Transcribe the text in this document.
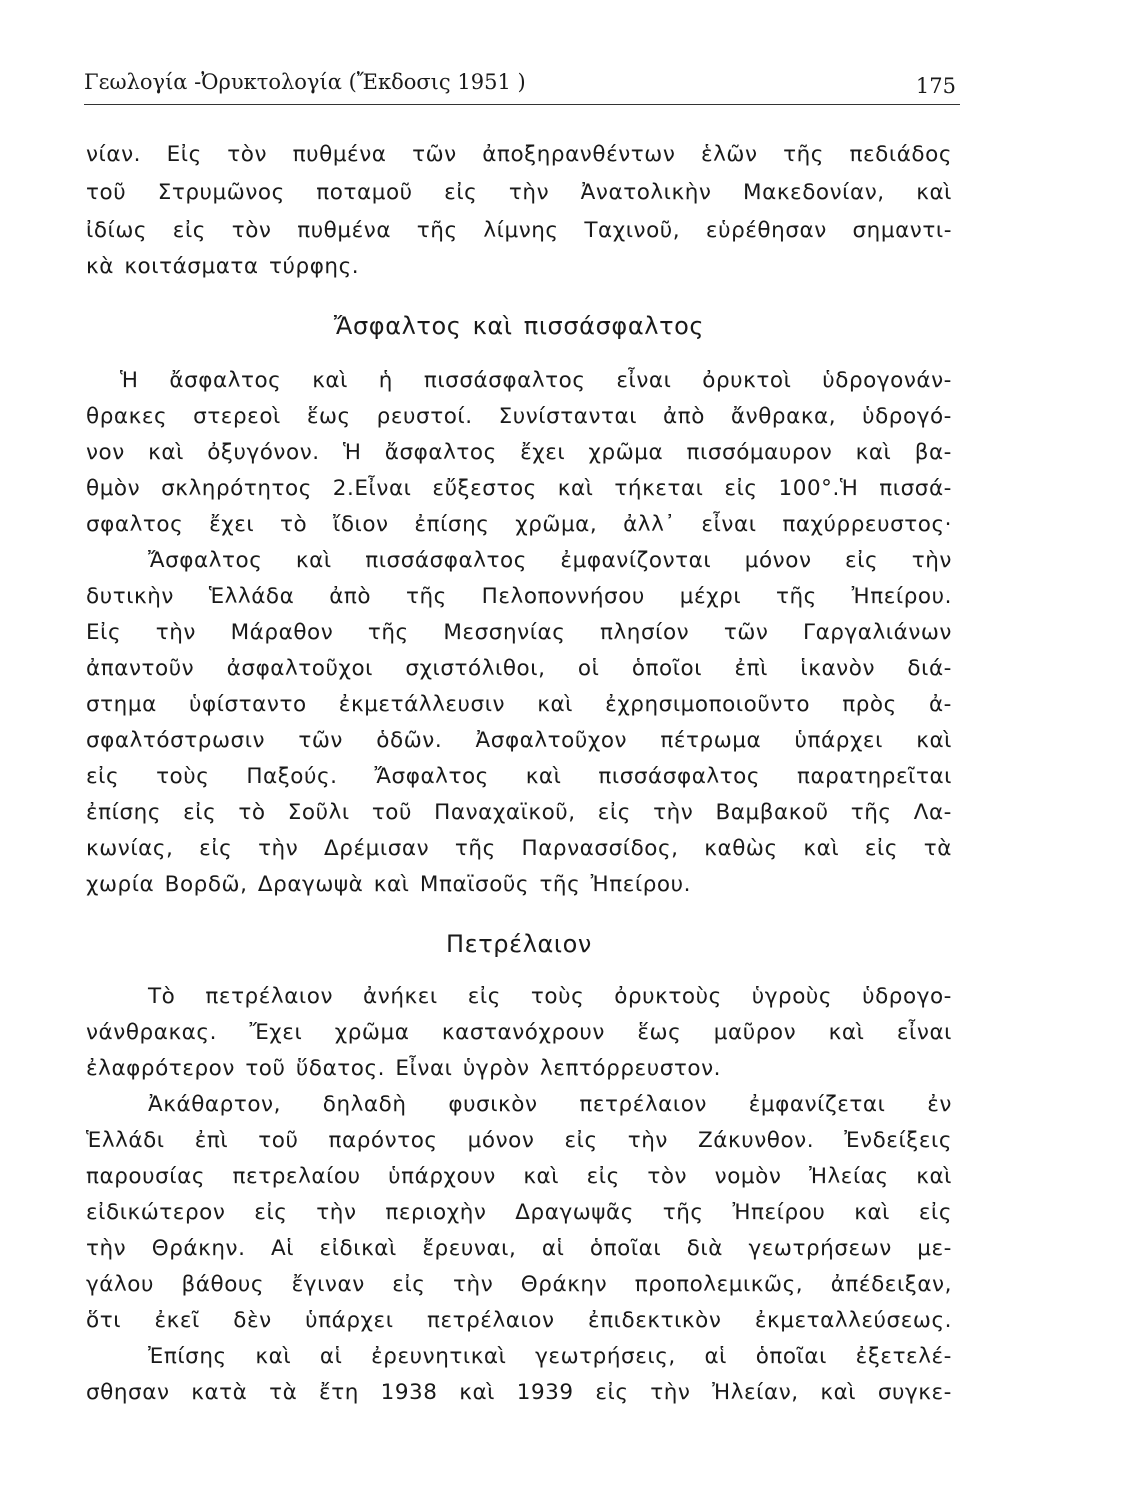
Γεωλογία -Ὀρυκτολογία (Ἔκδοσις 1951 )	175
νίαν. Εἰς τὸν πυθμένα τῶν ἀποξηρανθέντων ἑλῶν τῆς πεδιάδος
τοῦ Στρυμῶνος ποταμοῦ εἰς τὴν Ἀνατολικὴν Μακεδονίαν, καὶ
ἰδίως εἰς τὸν πυθμένα τῆς λίμνης Ταχινοῦ, εὑρέθησαν σημαντι-
κὰ κοιτάσματα τύρφης.
Ἄσφαλτος καὶ πισσάσφαλτος
Ἡ ἄσφαλτος καὶ ἡ πισσάσφαλτος εἶναι ὀρυκτοὶ ὑδρογονάν-
θρακες στερεοὶ ἕως ρευστοί. Συνίστανται ἀπὸ ἄνθρακα, ὑδρογό-
νον καὶ ὀξυγόνον. Ἡ ἄσφαλτος ἔχει χρῶμα πισσόμαυρον καὶ βα-
θμὸν σκληρότητος 2.Εἶναι εὔξεστος καὶ τήκεται εἰς 100°.Ἡ πισσά-
σφαλτος ἔχει τὸ ἴδιον ἐπίσης χρῶμα, ἀλλ᾽ εἶναι παχύρρευστος·
Ἄσφαλτος καὶ πισσάσφαλτος ἐμφανίζονται μόνον εἰς τὴν
δυτικὴν Ἑλλάδα ἀπὸ τῆς Πελοποννήσου μέχρι τῆς Ἠπείρου.
Εἰς τὴν Μάραθον τῆς Μεσσηνίας πλησίον τῶν Γαργαλιάνων
ἀπαντοῦν ἀσφαλτοῦχοι σχιστόλιθοι, οἱ ὁποῖοι ἐπὶ ἱκανὸν διά-
στημα ὑφίσταντο ἐκμετάλλευσιν καὶ ἐχρησιμοποιοῦντο πρὸς ἀ-
σφαλτόστρωσιν τῶν ὁδῶν. Ἀσφαλτοῦχον πέτρωμα ὑπάρχει καὶ
εἰς τοὺς Παξούς. Ἄσφαλτος καὶ πισσάσφαλτος παρατηρεῖται
ἐπίσης εἰς τὸ Σοῦλι τοῦ Παναχαϊκοῦ, εἰς τὴν Βαμβακοῦ τῆς Λα-
κωνίας, εἰς τὴν Δρέμισαν τῆς Παρνασσίδος, καθὼς καὶ εἰς τὰ
χωρία Βορδῶ, Δραγωψὰ καὶ Μπαϊσοῦς τῆς Ἠπείρου.
Πετρέλαιον
Τὸ πετρέλαιον ἀνήκει εἰς τοὺς ὀρυκτοὺς ὑγροὺς ὑδρογο-
νάνθρακας. Ἔχει χρῶμα καστανόχρουν ἕως μαῦρον καὶ εἶναι
ἐλαφρότερον τοῦ ὕδατος. Εἶναι ὑγρὸν λεπτόρρευστον.
Ἀκάθαρτον, δηλαδὴ φυσικὸν πετρέλαιον ἐμφανίζεται ἐν
Ἑλλάδι ἐπὶ τοῦ παρόντος μόνον εἰς τὴν Ζάκυνθον. Ἐνδείξεις
παρουσίας πετρελαίου ὑπάρχουν καὶ εἰς τὸν νομὸν Ἠλείας καὶ
εἰδικώτερον εἰς τὴν περιοχὴν Δραγωψᾶς τῆς Ἠπείρου καὶ εἰς
τὴν Θράκην. Αἱ εἰδικαὶ ἔρευναι, αἱ ὁποῖαι διὰ γεωτρήσεων με-
γάλου βάθους ἔγιναν εἰς τὴν Θράκην προπολεμικῶς, ἀπέδειξαν,
ὅτι ἐκεῖ δὲν ὑπάρχει πετρέλαιον ἐπιδεκτικὸν ἐκμεταλλεύσεως.
Ἐπίσης καὶ αἱ ἐρευνητικαὶ γεωτρήσεις, αἱ ὁποῖαι ἐξετελέ-
σθησαν κατὰ τὰ ἔτη 1938 καὶ 1939 εἰς τὴν Ἠλείαν, καὶ συγκε-
